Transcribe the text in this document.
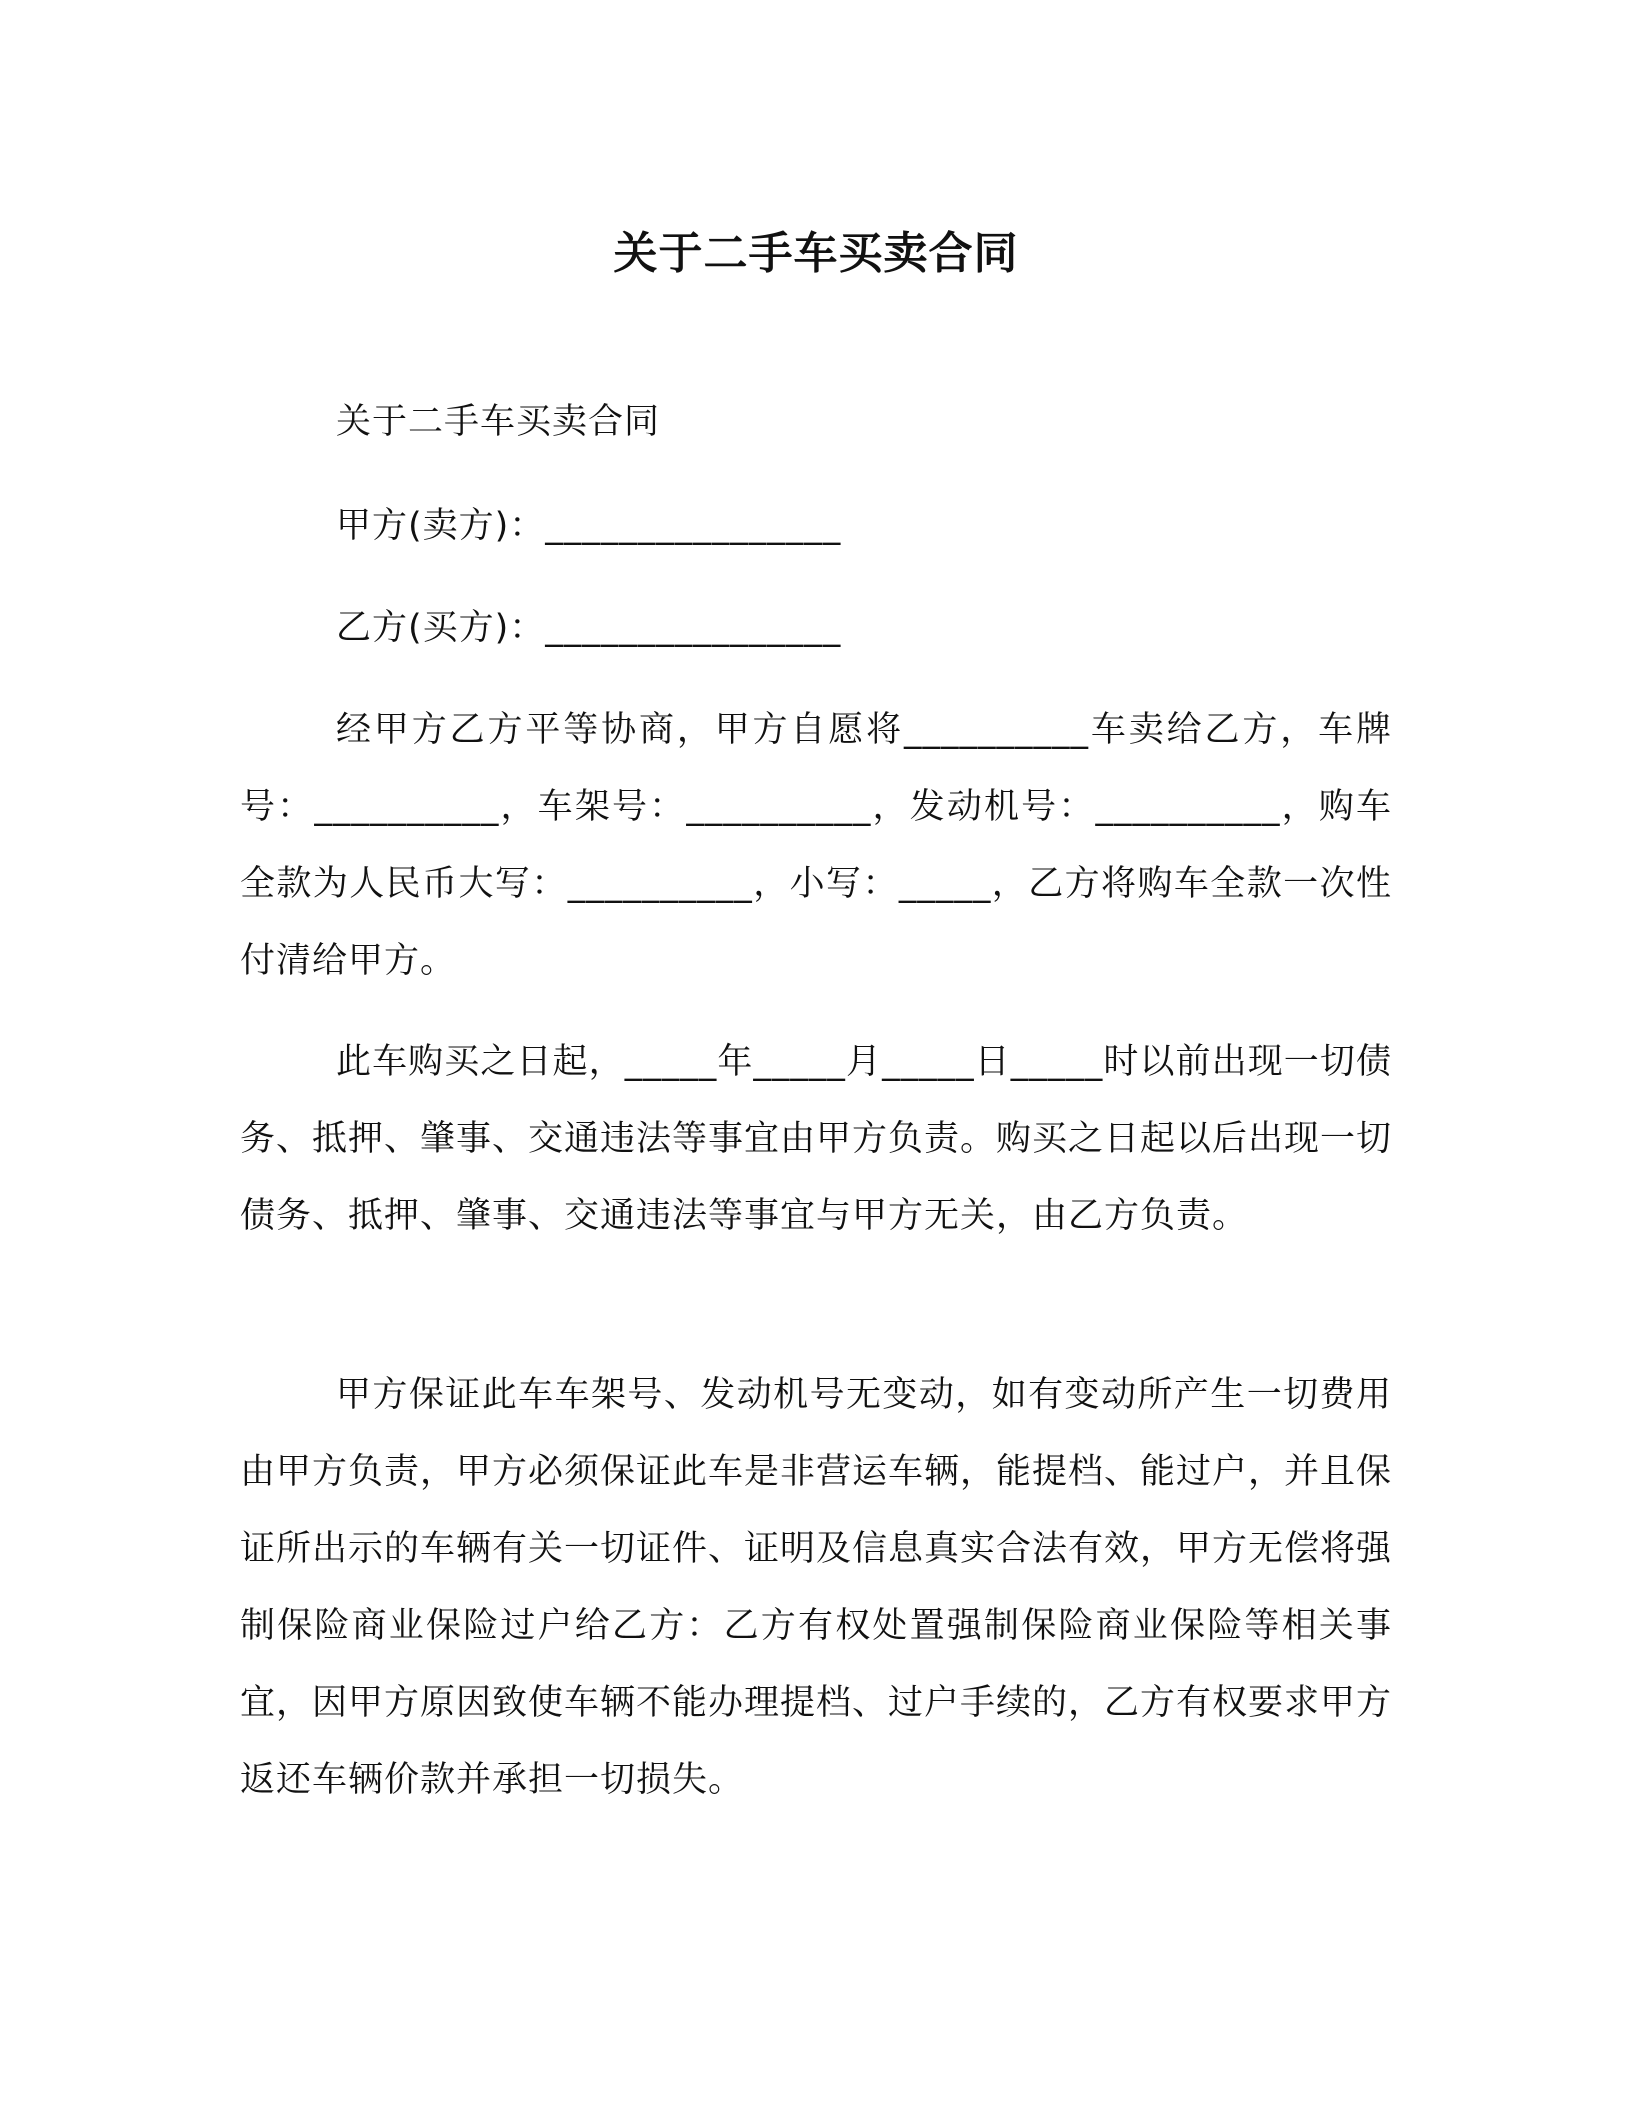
关于二手车买卖合同
关于二手车买卖合同
甲方(卖方)：________________
乙方(买方)：________________

经甲方乙方平等协商，甲方自愿将__________车卖给乙方，车牌号：__________，车架号：__________，发动机号：__________，购车全款为人民币大写：__________，小写：_____，乙方将购车全款一次性付清给甲方。

此车购买之日起，_____年_____月_____日_____时以前出现一切债务、抵押、肇事、交通违法等事宜由甲方负责。购买之日起以后出现一切债务、抵押、肇事、交通违法等事宜与甲方无关，由乙方负责。

甲方保证此车车架号、发动机号无变动，如有变动所产生一切费用由甲方负责，甲方必须保证此车是非营运车辆，能提档、能过户，并且保证所出示的车辆有关一切证件、证明及信息真实合法有效，甲方无偿将强制保险商业保险过户给乙方：乙方有权处置强制保险商业保险等相关事宜，因甲方原因致使车辆不能办理提档、过户手续的，乙方有权要求甲方返还车辆价款并承担一切损失。
